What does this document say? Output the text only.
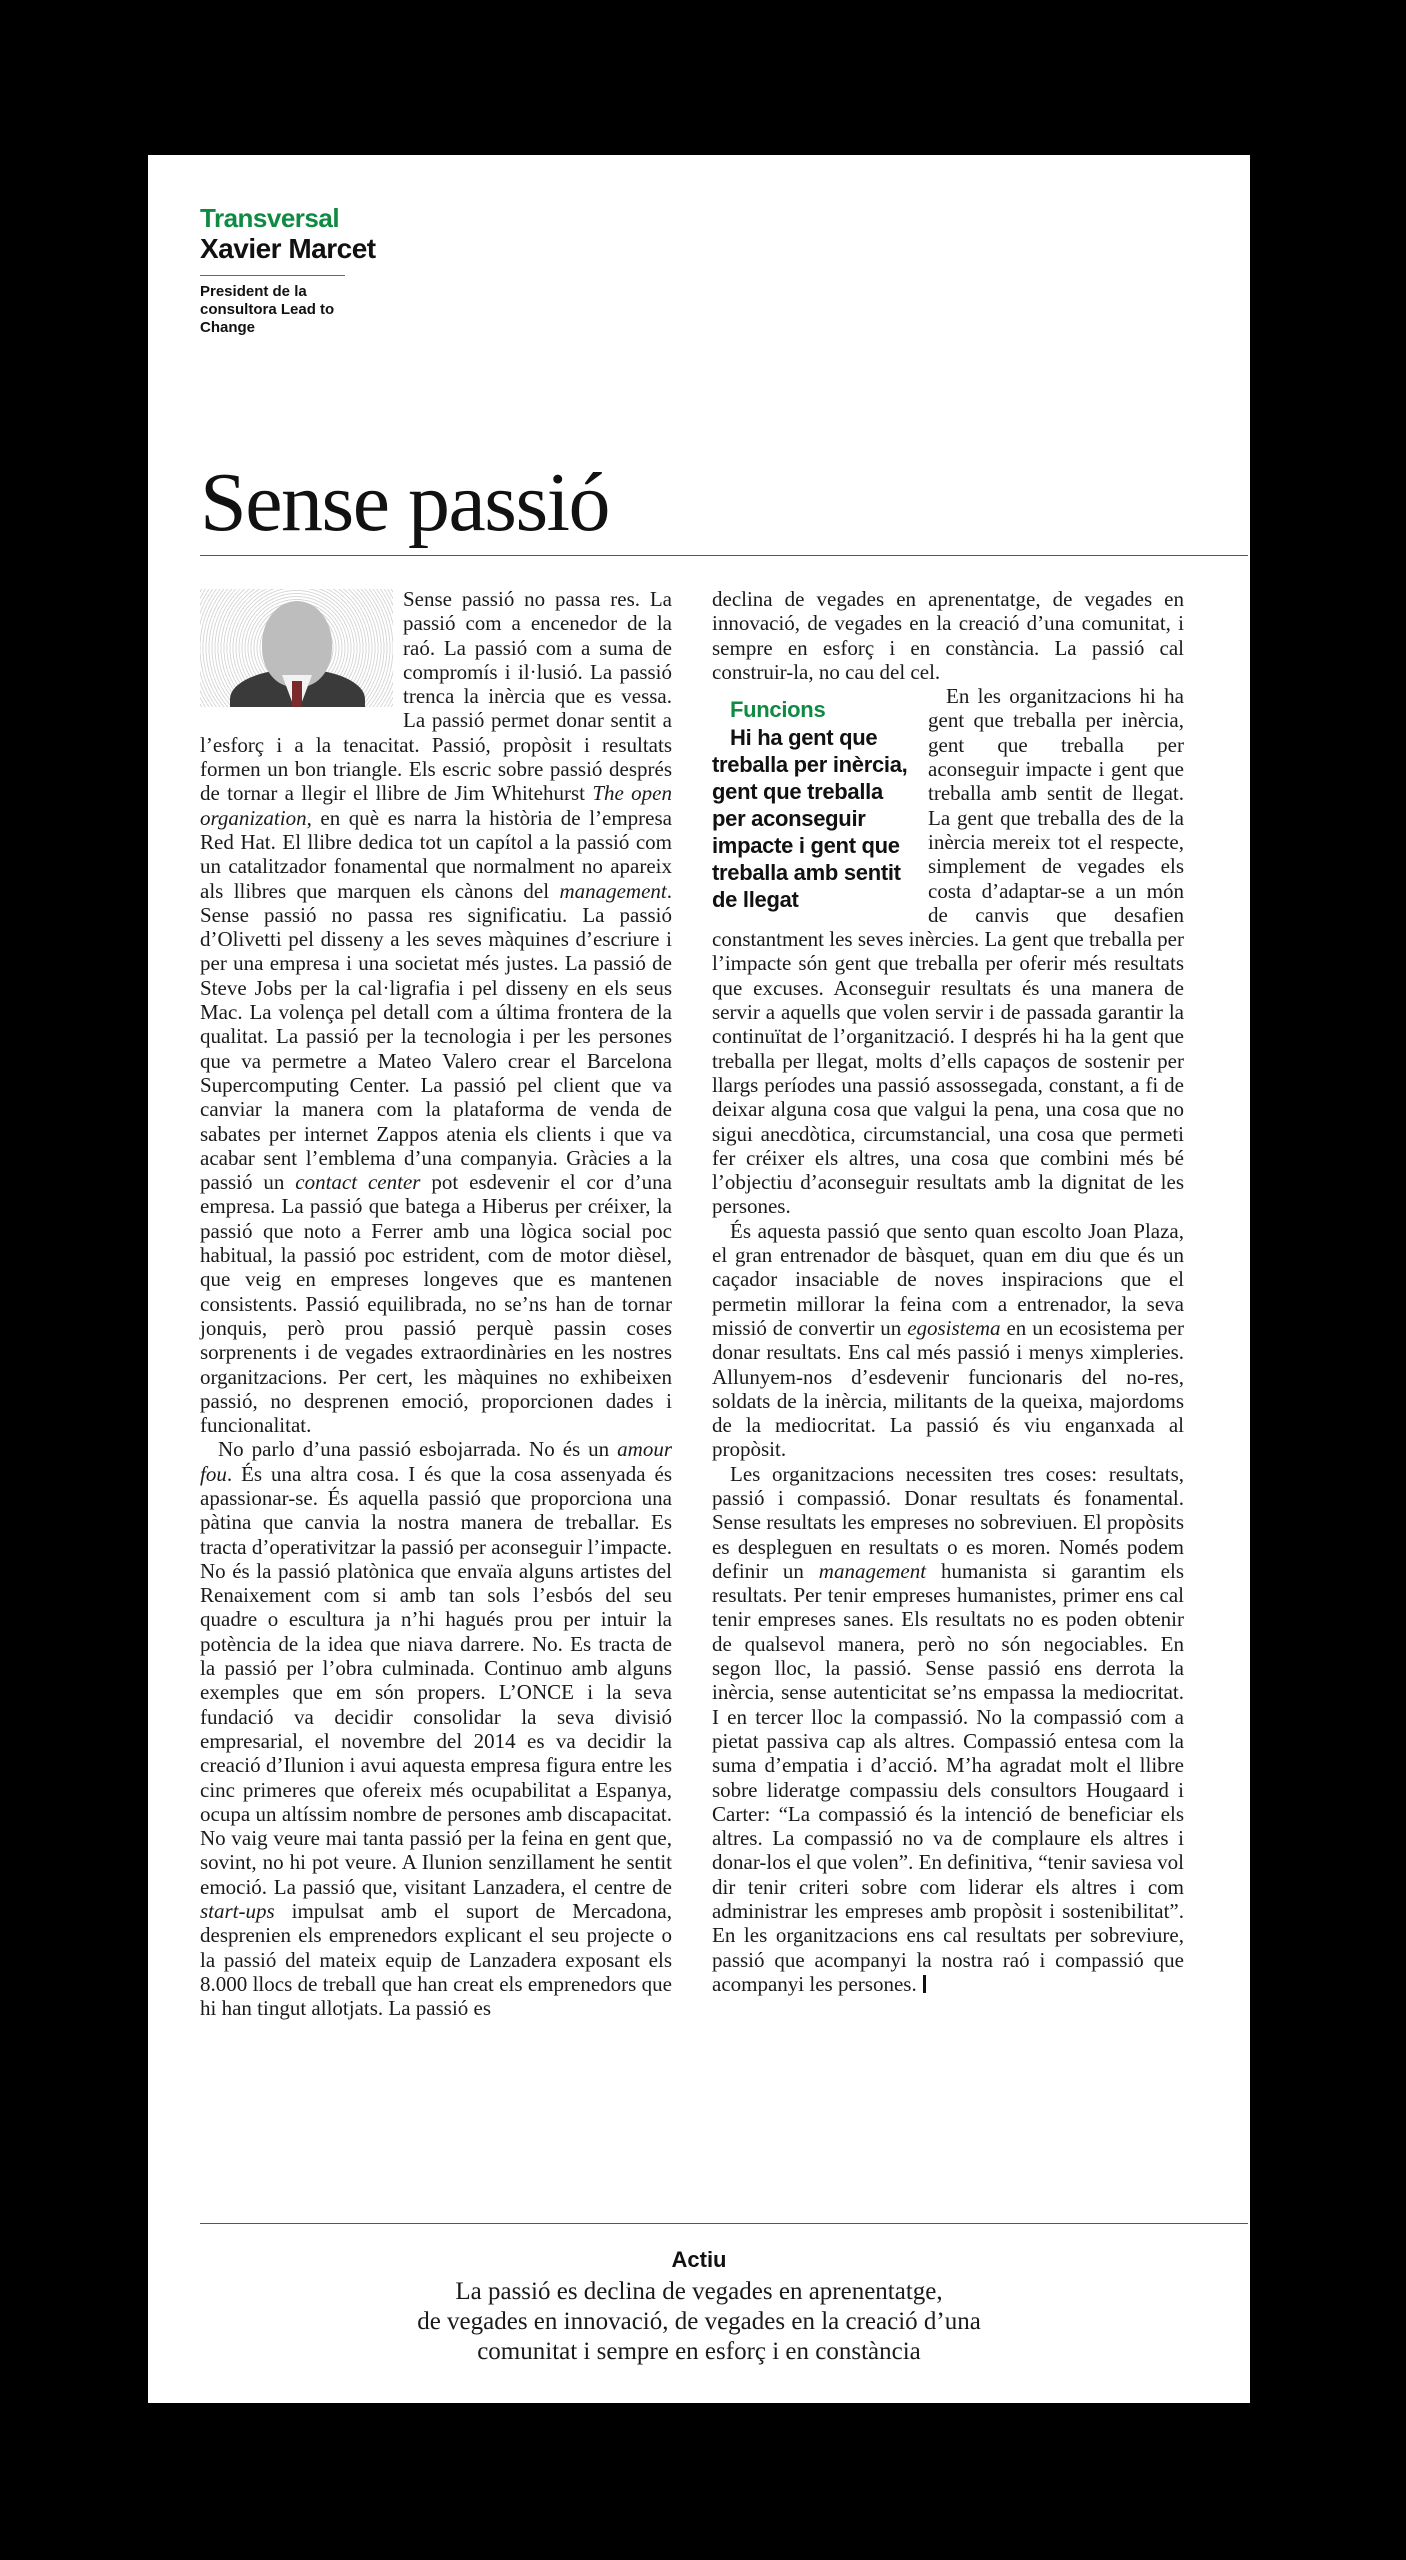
Transversal
Xavier Marcet
President de la consultora Lead to Change
Sense passió

Sense passió no passa res. La passió com a encenedor de la raó. La passió com a suma de compromís i il·lusió. La passió trenca la inèrcia que es vessa. La passió permet donar sentit a l’esforç i a la tenacitat. Passió, propòsit i resultats formen un bon triangle. Els escric sobre passió després de tornar a llegir el llibre de Jim Whitehurst The open organization, en què es narra la història de l’empresa Red Hat. El llibre dedica tot un capítol a la passió com un catalitzador fonamental que normalment no apareix als llibres que marquen els cànons del management. Sense passió no passa res significatiu. La passió d’Olivetti pel disseny a les seves màquines d’escriure i per una empresa i una societat més justes. La passió de Steve Jobs per la cal·ligrafia i pel disseny en els seus Mac. La volença pel detall com a última frontera de la qualitat. La passió per la tecnologia i per les persones que va permetre a Mateo Valero crear el Barcelona Supercomputing Center. La passió pel client que va canviar la manera com la plataforma de venda de sabates per internet Zappos atenia els clients i que va acabar sent l’emblema d’una companyia. Gràcies a la passió un contact center pot esdevenir el cor d’una empresa. La passió que batega a Hiberus per créixer, la passió que noto a Ferrer amb una lògica social poc habitual, la passió poc estrident, com de motor dièsel, que veig en empreses longeves que es mantenen consistents. Passió equilibrada, no se’ns han de tornar jonquis, però prou passió perquè passin coses sorprenents i de vegades extraordinàries en les nostres organitzacions. Per cert, les màquines no exhibeixen passió, no desprenen emoció, proporcionen dades i funcionalitat.

No parlo d’una passió esbojarrada. No és un amour fou. És una altra cosa. I és que la cosa assenyada és apassionar-se. És aquella passió que proporciona una pàtina que canvia la nostra manera de treballar. Es tracta d’operativitzar la passió per aconseguir l’impacte. No és la passió platònica que envaïa alguns artistes del Renaixement com si amb tan sols l’esbós del seu quadre o escultura ja n’hi hagués prou per intuir la potència de la idea que niava darrere. No. Es tracta de la passió per l’obra culminada. Continuo amb alguns exemples que em són propers. L’ONCE i la seva fundació va decidir consolidar la seva divisió empresarial, el novembre del 2014 es va decidir la creació d’Ilunion i avui aquesta empresa figura entre les cinc primeres que ofereix més ocupabilitat a Espanya, ocupa un altíssim nombre de persones amb discapacitat. No vaig veure mai tanta passió per la feina en gent que, sovint, no hi pot veure. A Ilunion senzillament he sentit emoció. La passió que, visitant Lanzadera, el centre de start-ups impulsat amb el suport de Mercadona, desprenien els emprenedors explicant el seu projecte o la passió del mateix equip de Lanzadera exposant els 8.000 llocs de treball que han creat els emprenedors que hi han tingut allotjats. La passió es

declina de vegades en aprenentatge, de vegades en innovació, de vegades en la creació d’una comunitat, i sempre en esforç i en constància. La passió cal construir-la, no cau del cel.

Funcions
Hi ha gent que treballa per inèrcia, gent que treballa per aconseguir impacte i gent que treballa amb sentit de llegat
En les organitzacions hi ha gent que treballa per inèrcia, gent que treballa per aconseguir impacte i gent que treballa amb sentit de llegat. La gent que treballa des de la inèrcia mereix tot el respecte, simplement de vegades els costa d’adaptar-se a un món de canvis que desafien constantment les seves inèrcies. La gent que treballa per l’impacte són gent que treballa per oferir més resultats que excuses. Aconseguir resultats és una manera de servir a aquells que volen servir i de passada garantir la continuïtat de l’organització. I després hi ha la gent que treballa per llegat, molts d’ells capaços de sostenir per llargs períodes una passió assossegada, constant, a fi de deixar alguna cosa que valgui la pena, una cosa que no sigui anecdòtica, circumstancial, una cosa que permeti fer créixer els altres, una cosa que combini més bé l’objectiu d’aconseguir resultats amb la dignitat de les persones.

És aquesta passió que sento quan escolto Joan Plaza, el gran entrenador de bàsquet, quan em diu que és un caçador insaciable de noves inspiracions que el permetin millorar la feina com a entrenador, la seva missió de convertir un egosistema en un ecosistema per donar resultats. Ens cal més passió i menys ximpleries. Allunyem-nos d’esdevenir funcionaris del no-res, soldats de la inèrcia, militants de la queixa, majordoms de la mediocritat. La passió és viu enganxada al propòsit.

Les organitzacions necessiten tres coses: resultats, passió i compassió. Donar resultats és fonamental. Sense resultats les empreses no sobreviuen. El propòsits es despleguen en resultats o es moren. Només podem definir un management humanista si garantim els resultats. Per tenir empreses humanistes, primer ens cal tenir empreses sanes. Els resultats no es poden obtenir de qualsevol manera, però no són negociables. En segon lloc, la passió. Sense passió ens derrota la inèrcia, sense autenticitat se’ns empassa la mediocritat. I en tercer lloc la compassió. No la compassió com a pietat passiva cap als altres. Compassió entesa com la suma d’empatia i d’acció. M’ha agradat molt el llibre sobre lideratge compassiu dels consultors Hougaard i Carter: “La compassió és la intenció de beneficiar els altres. La compassió no va de complaure els altres i donar-los el que volen”. En definitiva, “tenir saviesa vol dir tenir criteri sobre com liderar els altres i com administrar les empreses amb propòsit i sostenibilitat”. En les organitzacions ens cal resultats per sobreviure, passió que acompanyi la nostra raó i compassió que acompanyi les persones.

Actiu
La passió es declina de vegades en aprenentatge,
de vegades en innovació, de vegades en la creació d’una
comunitat i sempre en esforç i en constància
